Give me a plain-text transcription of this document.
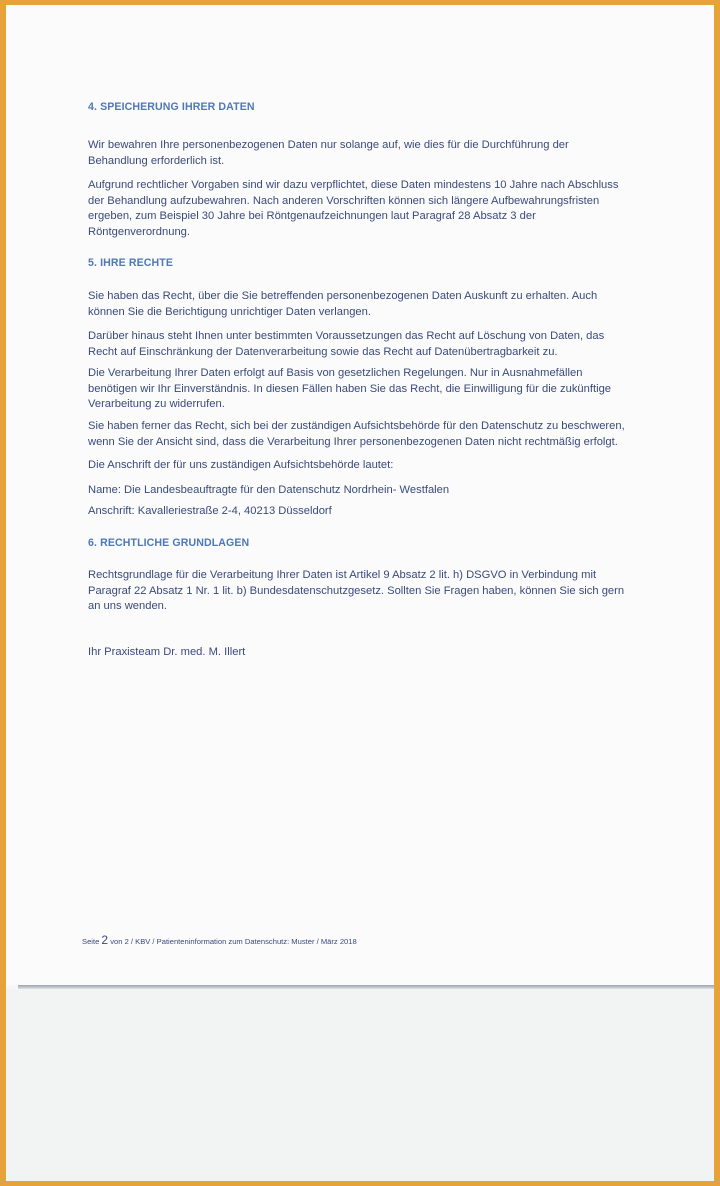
4. SPEICHERUNG IHRER DATEN

Wir bewahren Ihre personenbezogenen Daten nur solange auf, wie dies für die Durchführung der
Behandlung erforderlich ist.

Aufgrund rechtlicher Vorgaben sind wir dazu verpflichtet, diese Daten mindestens 10 Jahre nach Abschluss
der Behandlung aufzubewahren. Nach anderen Vorschriften können sich längere Aufbewahrungsfristen
ergeben, zum Beispiel 30 Jahre bei Röntgenaufzeichnungen laut Paragraf 28 Absatz 3 der
Röntgenverordnung.

5. IHRE RECHTE

Sie haben das Recht, über die Sie betreffenden personenbezogenen Daten Auskunft zu erhalten. Auch
können Sie die Berichtigung unrichtiger Daten verlangen.

Darüber hinaus steht Ihnen unter bestimmten Voraussetzungen das Recht auf Löschung von Daten, das
Recht auf Einschränkung der Datenverarbeitung sowie das Recht auf Datenübertragbarkeit zu.

Die Verarbeitung Ihrer Daten erfolgt auf Basis von gesetzlichen Regelungen. Nur in Ausnahmefällen
benötigen wir Ihr Einverständnis. In diesen Fällen haben Sie das Recht, die Einwilligung für die zukünftige
Verarbeitung zu widerrufen.

Sie haben ferner das Recht, sich bei der zuständigen Aufsichtsbehörde für den Datenschutz zu beschweren,
wenn Sie der Ansicht sind, dass die Verarbeitung Ihrer personenbezogenen Daten nicht rechtmäßig erfolgt.

Die Anschrift der für uns zuständigen Aufsichtsbehörde lautet:

Name: Die Landesbeauftragte für den Datenschutz Nordrhein- Westfalen

Anschrift: Kavalleriestraße 2-4, 40213 Düsseldorf

6. RECHTLICHE GRUNDLAGEN

Rechtsgrundlage für die Verarbeitung Ihrer Daten ist Artikel 9 Absatz 2 lit. h) DSGVO in Verbindung mit
Paragraf 22 Absatz 1 Nr. 1 lit. b) Bundesdatenschutzgesetz. Sollten Sie Fragen haben, können Sie sich gern
an uns wenden.

Ihr Praxisteam Dr. med. M. Illert

Seite 2 von 2 / KBV / Patienteninformation zum Datenschutz: Muster / März 2018
